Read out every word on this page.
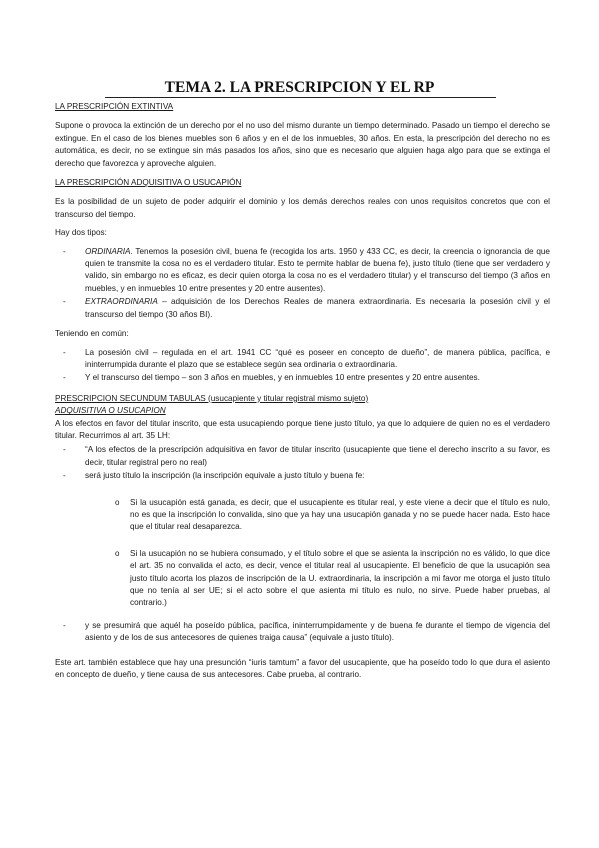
TEMA 2. LA PRESCRIPCION Y EL RP
LA PRESCRIPCIÓN EXTINTIVA

Supone o provoca la extinción de un derecho por el no uso del mismo durante un tiempo determinado. Pasado un tiempo el derecho se extingue. En el caso de los bienes muebles son 6 años y en el de los inmuebles, 30 años. En esta, la prescripción del derecho no es automática, es decir, no se extingue sin más pasados los años, sino que es necesario que alguien haga algo para que se extinga el derecho que favorezca y aproveche alguien.

LA PRESCRIPCIÓN ADQUISITIVA O USUCAPIÓN

Es la posibilidad de un sujeto de poder adquirir el dominio y los demás derechos reales con unos requisitos concretos que con el transcurso del tiempo.

Hay dos tipos:

- ORDINARIA. Tenemos la posesión civil, buena fe (recogida los arts. 1950 y 433 CC, es decir, la creencia o ignorancia de que quien te transmite la cosa no es el verdadero titular. Esto te permite hablar de buena fe), justo título (tiene que ser verdadero y valido, sin embargo no es eficaz, es decir quien otorga la cosa no es el verdadero titular) y el transcurso del tiempo (3 años en muebles, y en inmuebles 10 entre presentes y 20 entre ausentes).
- EXTRAORDINARIA – adquisición de los Derechos Reales de manera extraordinaria. Es necesaria la posesión civil y el transcurso del tiempo (30 años BI).

Teniendo en común:

- La posesión civil – regulada en el art. 1941 CC “qué es poseer en concepto de dueño”, de manera pública, pacífica, e ininterrumpida durante el plazo que se establece según sea ordinaria o extraordinaria.
- Y el transcurso del tiempo – son 3 años en muebles, y en inmuebles 10 entre presentes y 20 entre ausentes.
PRESCRIPCION SECUNDUM TABULAS (usucapiente y titular registral mismo sujeto)
ADQUISITIVA O USUCAPION

A los efectos en favor del titular inscrito, que esta usucapiendo porque tiene justo título, ya que lo adquiere de quien no es el verdadero titular. Recurrimos al art. 35 LH:

- “A los efectos de la prescripción adquisitiva en favor de titular inscrito (usucapiente que tiene el derecho inscrito a su favor, es decir, titular registral pero no real)
- será justo título la inscripción (la inscripción equivale a justo título y buena fe:
o Si la usucapión está ganada, es decir, que el usucapiente es titular real, y este viene a decir que el título es nulo, no es que la inscripción lo convalida, sino que ya hay una usucapión ganada y no se puede hacer nada. Esto hace que el titular real desaparezca.
o Si la usucapión no se hubiera consumado, y el título sobre el que se asienta la inscripción no es válido, lo que dice el art. 35 no convalida el acto, es decir, vence el titular real al usucapiente. El beneficio de que la usucapión sea justo título acorta los plazos de inscripción de la U. extraordinaria, la inscripción a mi favor me otorga el justo título que no tenía al ser UE; si el acto sobre el que asienta mi título es nulo, no sirve. Puede haber pruebas, al contrario.)
- y se presumirá que aquél ha poseído pública, pacífica, ininterrumpidamente y de buena fe durante el tiempo de vigencia del asiento y de los de sus antecesores de quienes traiga causa” (equivale a justo título).

Este art. también establece que hay una presunción “iuris tamtum” a favor del usucapiente, que ha poseído todo lo que dura el asiento en concepto de dueño, y tiene causa de sus antecesores. Cabe prueba, al contrario.
